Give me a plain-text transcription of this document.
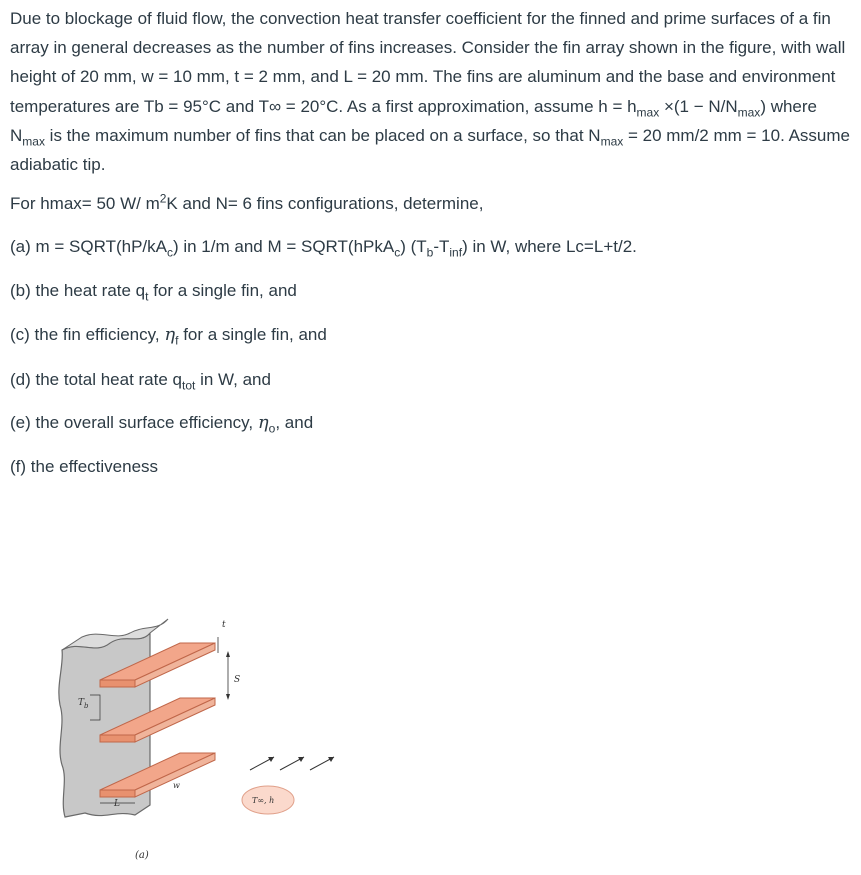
Due to blockage of fluid flow, the convection heat transfer coefficient for the finned and prime surfaces of a fin array in general decreases as the number of fins increases. Consider the fin array shown in the figure, with wall height of 20 mm, w = 10 mm, t = 2 mm, and L = 20 mm. The fins are aluminum and the base and environment temperatures are Tb = 95°C and T∞ = 20°C. As a first approximation, assume $h = h_{max} \times(1 - N/N_{max})$ where $N_{max}$ is the maximum number of fins that can be placed on a surface, so that $N_{max} = 20$ mm/2 mm = 10. Assume adiabatic tip.

For hmax= 50 W/ $m^2K$ and N= 6 fins configurations, determine,
(a) $m = SQRT(hP/kA_c)$ in 1/m and M = SQRT(hPkA$_c$) $(T_b-T_{inf})$ in W, where Lc=L+t/2.
(b) the heat rate $q_t$ for a single fin, and
(c) the fin efficiency, $\eta_f$ for a single fin, and
(d) the total heat rate $q_{tot}$ in W, and
(e) the overall surface efficiency, $\eta_o$, and
(f) the effectiveness
t
S
T b
w
L	T∞, h
(a)
